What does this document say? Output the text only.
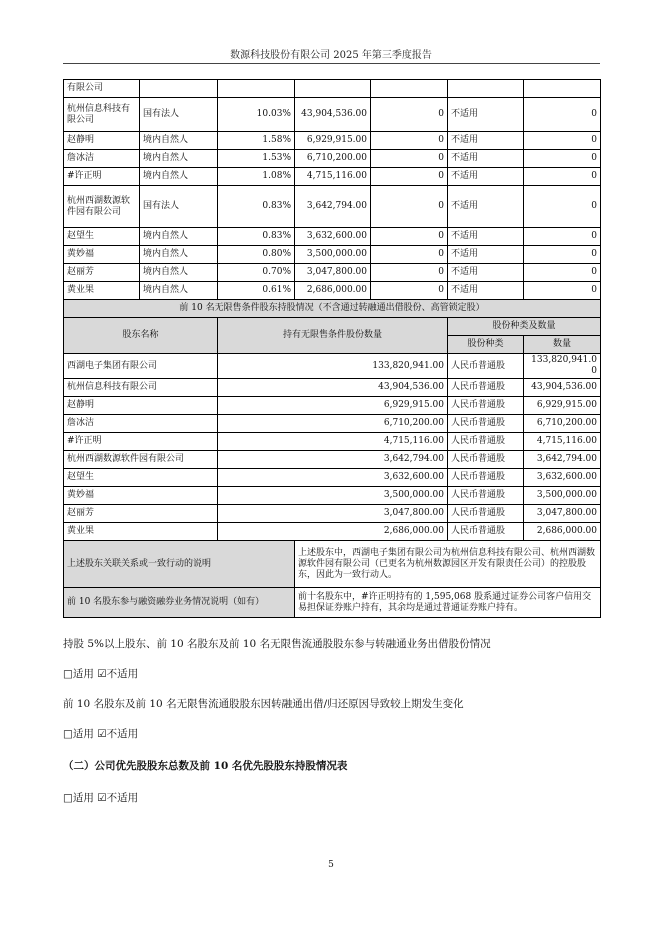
数源科技股份有限公司 2025 年第三季度报告
有限公司						
杭州信息科技有限公司	国有法人	10.03%	43,904,536.00	0	不适用	0
赵静明	境内自然人	1.58%	6,929,915.00	0	不适用	0
詹冰洁	境内自然人	1.53%	6,710,200.00	0	不适用	0
#许正明	境内自然人	1.08%	4,715,116.00	0	不适用	0
杭州西湖数源软件园有限公司	国有法人	0.83%	3,642,794.00	0	不适用	0
赵望生	境内自然人	0.83%	3,632,600.00	0	不适用	0
黄妙福	境内自然人	0.80%	3,500,000.00	0	不适用	0
赵丽芳	境内自然人	0.70%	3,047,800.00	0	不适用	0
黄业果	境内自然人	0.61%	2,686,000.00	0	不适用	0
前 10 名无限售条件股东持股情况（不含通过转融通出借股份、高管锁定股）						
股东名称		持有无限售条件股份数量			股份种类及数量	
					股份种类	数量
西湖电子集团有限公司		133,820,941.00			人民币普通股	133,820,941.00
杭州信息科技有限公司		43,904,536.00			人民币普通股	43,904,536.00
赵静明		6,929,915.00			人民币普通股	6,929,915.00
詹冰洁		6,710,200.00			人民币普通股	6,710,200.00
#许正明		4,715,116.00			人民币普通股	4,715,116.00
杭州西湖数源软件园有限公司		3,642,794.00			人民币普通股	3,642,794.00
赵望生		3,632,600.00			人民币普通股	3,632,600.00
黄妙福		3,500,000.00			人民币普通股	3,500,000.00
赵丽芳		3,047,800.00			人民币普通股	3,047,800.00
黄业果		2,686,000.00			人民币普通股	2,686,000.00
上述股东关联关系或一致行动的说明			上述股东中，西湖电子集团有限公司为杭州信息科技有限公司、杭州西湖数源软件园有限公司（已更名为杭州数源园区开发有限责任公司）的控股股东，因此为一致行动人。			
前 10 名股东参与融资融券业务情况说明（如有）			前十名股东中，#许正明持有的 1,595,068 股系通过证券公司客户信用交易担保证券账户持有，其余均是通过普通证券账户持有。			
持股 5%以上股东、前 10 名股东及前 10 名无限售流通股股东参与转融通业务出借股份情况
□适用 ☑不适用
前 10 名股东及前 10 名无限售流通股股东因转融通出借/归还原因导致较上期发生变化
□适用 ☑不适用
（二）公司优先股股东总数及前 10 名优先股股东持股情况表
□适用 ☑不适用
5
